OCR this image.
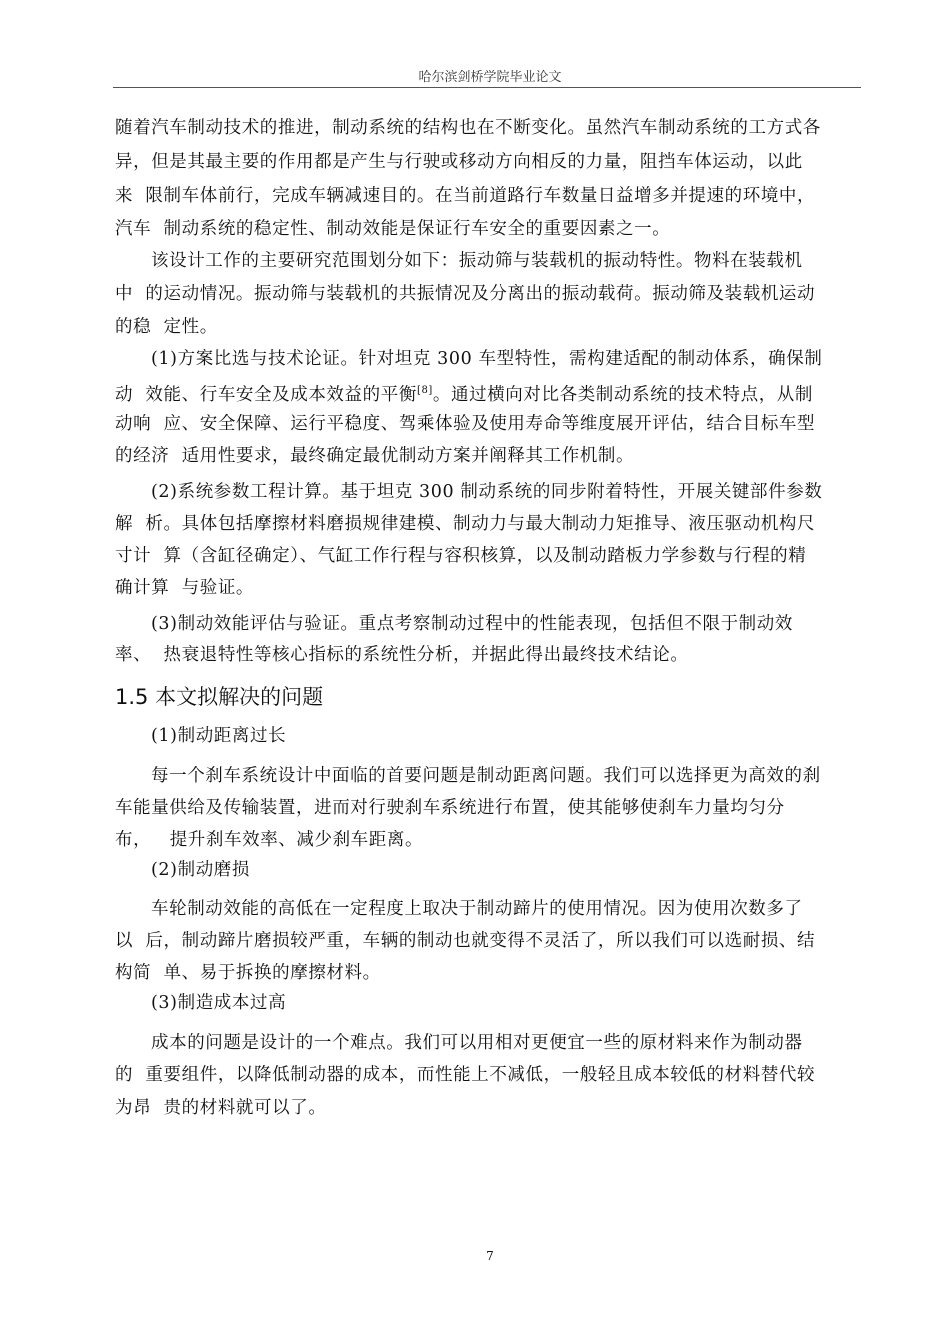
哈尔滨剑桥学院毕业论文
随着汽车制动技术的推进，制动系统的结构也在不断变化。虽然汽车制动系统的工方式各
异，但是其最主要的作用都是产生与行驶或移动方向相反的力量，阻挡车体运动，以此
来  限制车体前行，完成车辆减速目的。在当前道路行车数量日益增多并提速的环境中，
汽车  制动系统的稳定性、制动效能是保证行车安全的重要因素之一。
该设计工作的主要研究范围划分如下：振动筛与装载机的振动特性。物料在装载机
中  的运动情况。振动筛与装载机的共振情况及分离出的振动载荷。振动筛及装载机运动
的稳  定性。
(1)方案比选与技术论证。针对坦克 300 车型特性，需构建适配的制动体系，确保制
动  效能、行车安全及成本效益的平衡[8]。通过横向对比各类制动系统的技术特点，从制
动响  应、安全保障、运行平稳度、驾乘体验及使用寿命等维度展开评估，结合目标车型
的经济  适用性要求，最终确定最优制动方案并阐释其工作机制。
(2)系统参数工程计算。基于坦克 300 制动系统的同步附着特性，开展关键部件参数
解  析。具体包括摩擦材料磨损规律建模、制动力与最大制动力矩推导、液压驱动机构尺
寸计  算（含缸径确定）、气缸工作行程与容积核算，以及制动踏板力学参数与行程的精
确计算  与验证。
(3)制动效能评估与验证。重点考察制动过程中的性能表现，包括但不限于制动效
率、  热衰退特性等核心指标的系统性分析，并据此得出最终技术结论。
1.5 本文拟解决的问题
(1)制动距离过长
每一个刹车系统设计中面临的首要问题是制动距离问题。我们可以选择更为高效的刹
车能量供给及传输装置，进而对行驶刹车系统进行布置，使其能够使刹车力量均匀分
布，   提升刹车效率、减少刹车距离。
(2)制动磨损
车轮制动效能的高低在一定程度上取决于制动蹄片的使用情况。因为使用次数多了
以  后，制动蹄片磨损较严重，车辆的制动也就变得不灵活了，所以我们可以选耐损、结
构简  单、易于拆换的摩擦材料。
(3)制造成本过高
成本的问题是设计的一个难点。我们可以用相对更便宜一些的原材料来作为制动器
的  重要组件，以降低制动器的成本，而性能上不减低，一般轻且成本较低的材料替代较
为昂  贵的材料就可以了。
7
